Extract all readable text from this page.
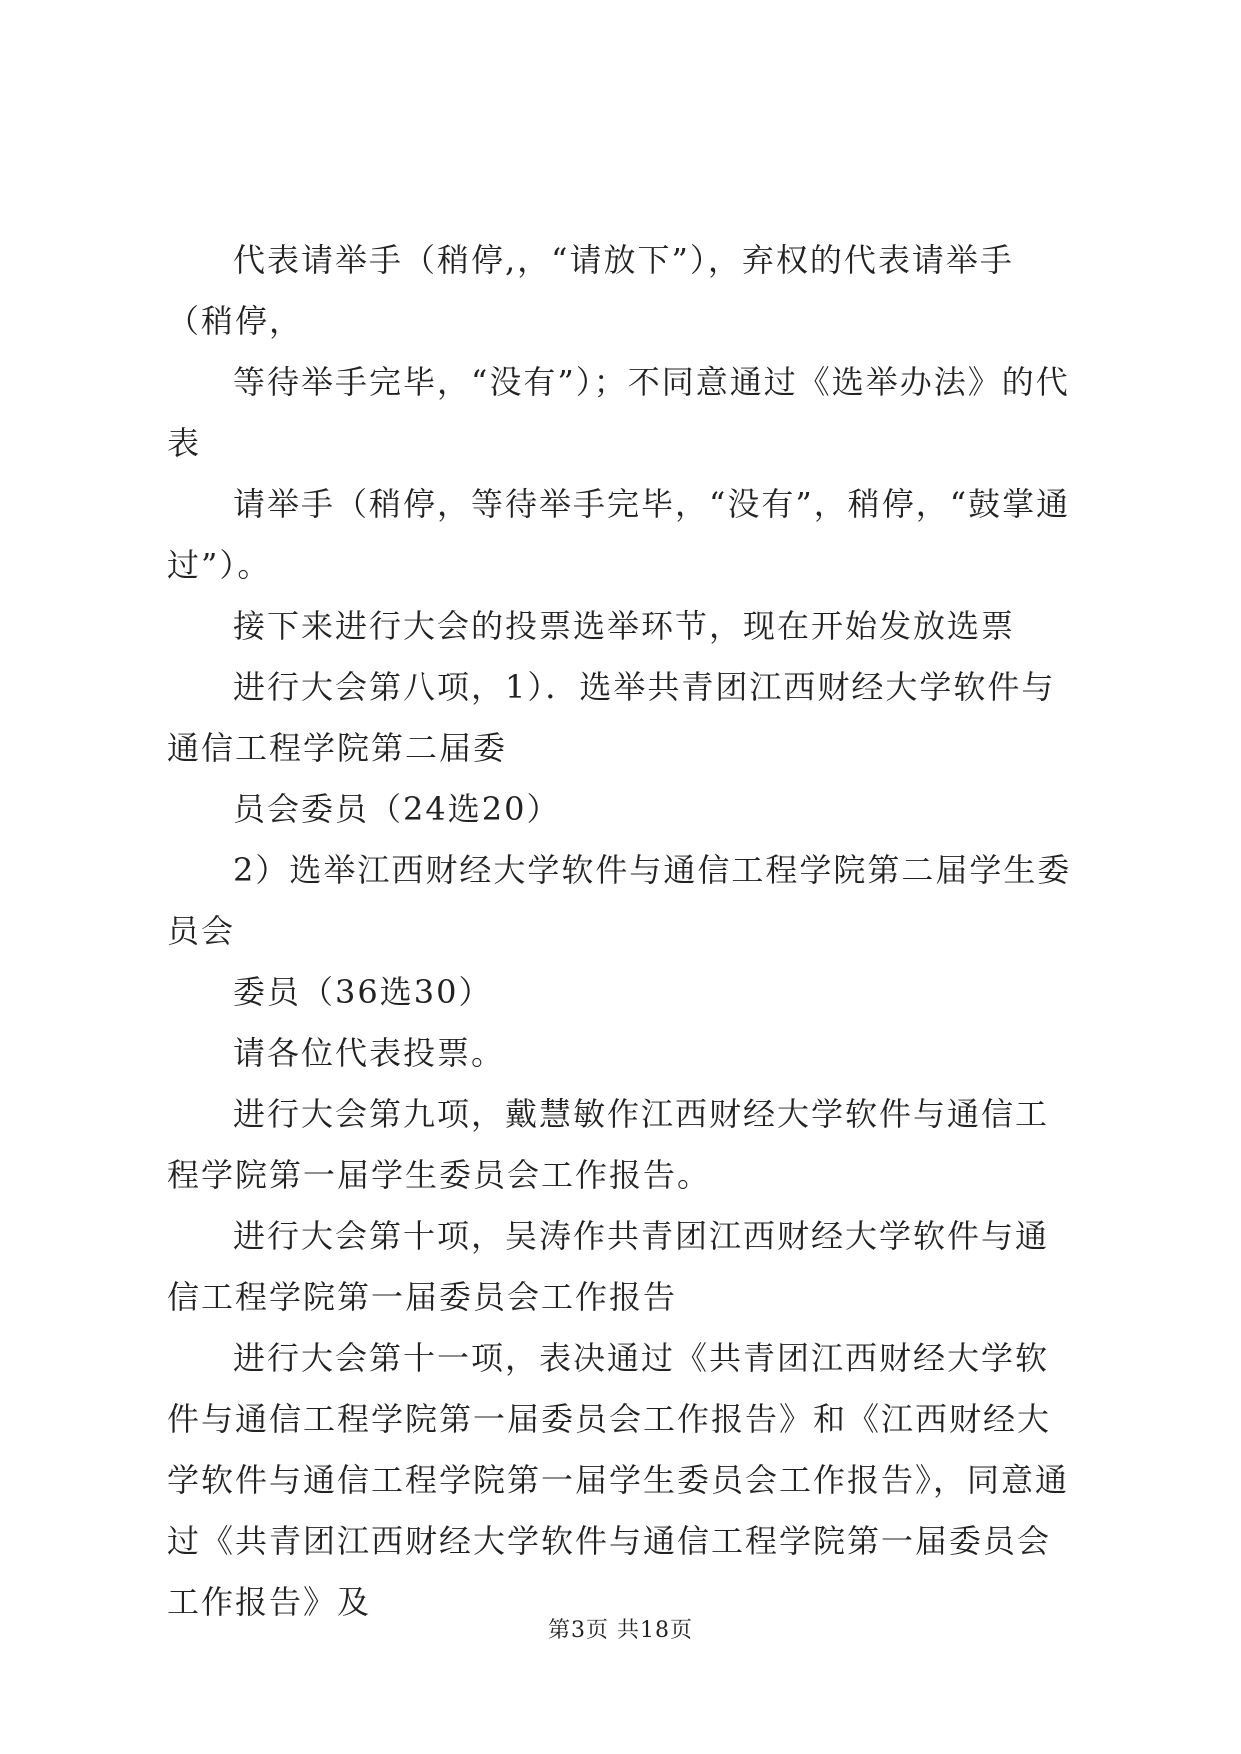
代表请举手（稍停,，“请放下”），弃权的代表请举手（稍停，

等待举手完毕，“没有”）；不同意通过《选举办法》的代表

请举手（稍停，等待举手完毕，“没有”，稍停，“鼓掌通过”）。

接下来进行大会的投票选举环节，现在开始发放选票

进行大会第八项，1）．选举共青团江西财经大学软件与通信工程学院第二届委

员会委员（24选20）

2）选举江西财经大学软件与通信工程学院第二届学生委员会

委员（36选30）

请各位代表投票。

进行大会第九项，戴慧敏作江西财经大学软件与通信工程学院第一届学生委员会工作报告。

进行大会第十项，吴涛作共青团江西财经大学软件与通信工程学院第一届委员会工作报告

进行大会第十一项，表决通过《共青团江西财经大学软件与通信工程学院第一届委员会工作报告》和《江西财经大学软件与通信工程学院第一届学生委员会工作报告》，同意通过《共青团江西财经大学软件与通信工程学院第一届委员会工作报告》及

第3页 共18页
